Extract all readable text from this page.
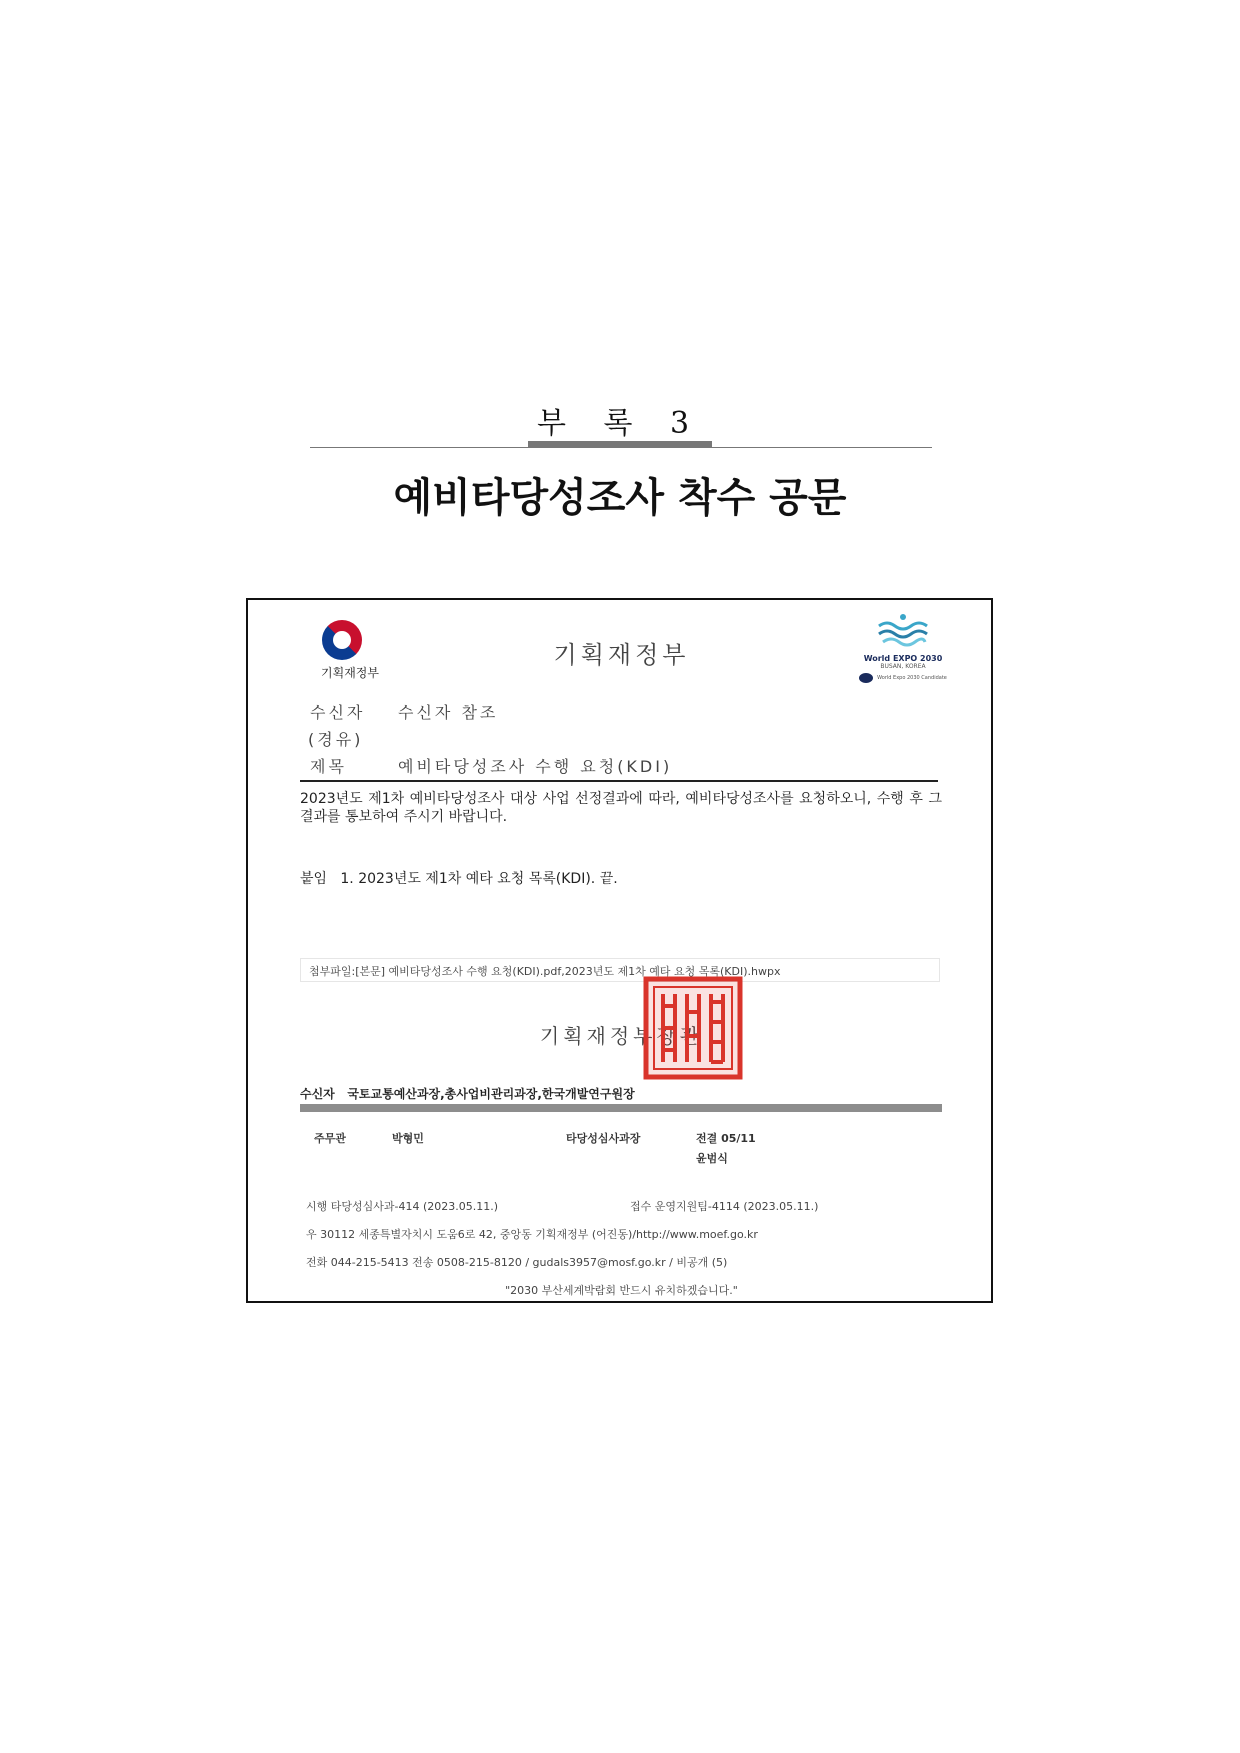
부 록 3
예비타당성조사 착수 공문
기획재정부
기획재정부	World EXPO 2030
BUSAN, KOREA
World Expo 2030 Candidate
수신자 수신자 참조
(경유)
제목	예비타당성조사 수행 요청(KDI)
2023년도 제1차 예비타당성조사 대상 사업 선정결과에 따라, 예비타당성조사를 요청하오니, 수행 후 그 결과를 통보하여 주시기 바랍니다.
붙임   1. 2023년도 제1차 예타 요청 목록(KDI). 끝.
첨부파일:[본문] 예비타당성조사 수행 요청(KDI).pdf,2023년도 제1차 예타 요청 목록(KDI).hwpx
기획재정부장관
수신자 국토교통예산과장,총사업비관리과장,한국개발연구원장
주무관	박형민	타당성심사과장	전결 05/11
윤범식
시행 타당성심사과-414 (2023.05.11.)	접수 운영지원팀-4114 (2023.05.11.)
우 30112 세종특별자치시 도움6로 42, 중앙동 기획재정부 (어진동)/http://www.moef.go.kr
전화 044-215-5413 전송 0508-215-8120 / gudals3957@mosf.go.kr / 비공개 (5)
"2030 부산세계박람회 반드시 유치하겠습니다."
